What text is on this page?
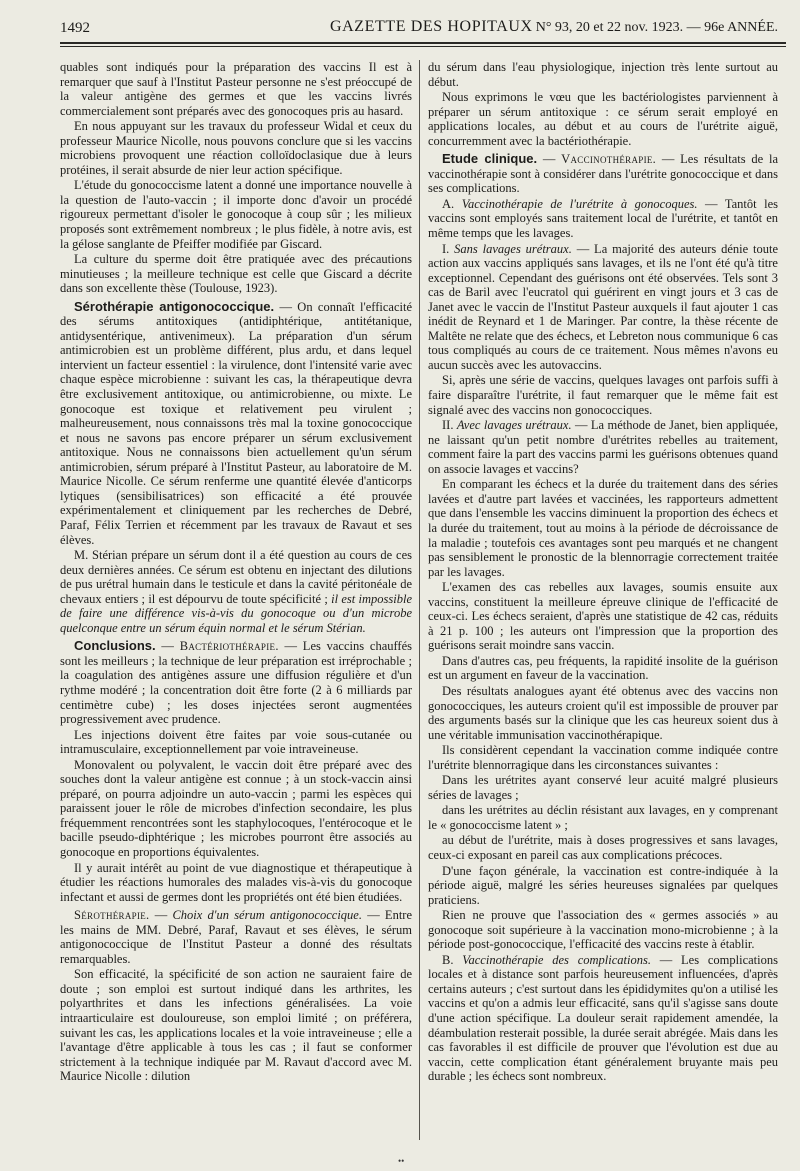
1492	GAZETTE DES HOPITAUX N° 93, 20 et 22 nov. 1923. — 96e ANNÉE.

quables sont indiqués pour la préparation des vaccins Il est à remarquer que sauf à l'Institut Pasteur personne ne s'est préoccupé de la valeur antigène des germes et que les vaccins livrés commercialement sont préparés avec des gonocoques pris au hasard.

En nous appuyant sur les travaux du professeur Widal et ceux du professeur Maurice Nicolle, nous pouvons conclure que si les vaccins microbiens provoquent une réaction colloïdoclasique due à leurs protéines, il serait absurde de nier leur action spécifique.

L'étude du gonococcisme latent a donné une importance nouvelle à la question de l'auto-vaccin ; il importe donc d'avoir un procédé rigoureux permettant d'isoler le gonocoque à coup sûr ; les milieux proposés sont extrêmement nombreux ; le plus fidèle, à notre avis, est la gélose sanglante de Pfeiffer modifiée par Giscard.

La culture du sperme doit être pratiquée avec des précautions minutieuses ; la meilleure technique est celle que Giscard a décrite dans son excellente thèse (Toulouse, 1923).

Sérothérapie antigonococcique. — On connaît l'efficacité des sérums antitoxiques (antidiphtérique, antitétanique, antidysentérique, antivenimeux). La préparation d'un sérum antimicrobien est un problème différent, plus ardu, et dans lequel intervient un facteur essentiel : la virulence, dont l'intensité varie avec chaque espèce microbienne : suivant les cas, la thérapeutique devra être exclusivement antitoxique, ou antimicrobienne, ou mixte. Le gonocoque est toxique et relativement peu virulent ; malheureusement, nous connaissons très mal la toxine gonococcique et nous ne savons pas encore préparer un sérum exclusivement antitoxique. Nous ne connaissons bien actuellement qu'un sérum antimicrobien, sérum préparé à l'Institut Pasteur, au laboratoire de M. Maurice Nicolle. Ce sérum renferme une quantité élevée d'anticorps lytiques (sensibilisatrices) son efficacité a été prouvée expérimentalement et cliniquement par les recherches de Debré, Paraf, Félix Terrien et récemment par les travaux de Ravaut et ses élèves.

M. Stérian prépare un sérum dont il a été question au cours de ces deux dernières années. Ce sérum est obtenu en injectant des dilutions de pus urétral humain dans le testicule et dans la cavité péritonéale de chevaux entiers ; il est dépourvu de toute spécificité ; il est impossible de faire une différence vis-à-vis du gonocoque ou d'un microbe quelconque entre un sérum équin normal et le sérum Stérian.

Conclusions. — Bactériothérapie. — Les vaccins chauffés sont les meilleurs ; la technique de leur préparation est irréprochable ; la coagulation des antigènes assure une diffusion régulière et d'un rythme modéré ; la concentration doit être forte (2 à 6 milliards par centimètre cube) ; les doses injectées seront augmentées progressivement avec prudence.

Les injections doivent être faites par voie sous-cutanée ou intramusculaire, exceptionnellement par voie intraveineuse.

Monovalent ou polyvalent, le vaccin doit être préparé avec des souches dont la valeur antigène est connue ; à un stock-vaccin ainsi préparé, on pourra adjoindre un auto-vaccin ; parmi les espèces qui paraissent jouer le rôle de microbes d'infection secondaire, les plus fréquemment rencontrées sont les staphylocoques, l'entérocoque et le bacille pseudo-diphtérique ; les microbes pourront être associés au gonocoque en proportions équivalentes.

Il y aurait intérêt au point de vue diagnostique et thérapeutique à étudier les réactions humorales des malades vis-à-vis du gonocoque infectant et aussi de germes dont les propriétés ont été bien étudiées.

Sérothérapie. — Choix d'un sérum antigonococcique. — Entre les mains de MM. Debré, Paraf, Ravaut et ses élèves, le sérum antigonococcique de l'Institut Pasteur a donné des résultats remarquables.

Son efficacité, la spécificité de son action ne sauraient faire de doute ; son emploi est surtout indiqué dans les arthrites, les polyarthrites et dans les infections généralisées. La voie intraarticulaire est douloureuse, son emploi limité ; on préférera, suivant les cas, les applications locales et la voie intraveineuse ; elle a l'avantage d'être applicable à tous les cas ; il faut se conformer strictement à la technique indiquée par M. Ravaut d'accord avec M. Maurice Nicolle : dilution

du sérum dans l'eau physiologique, injection très lente surtout au début.

Nous exprimons le vœu que les bactériologistes parviennent à préparer un sérum antitoxique : ce sérum serait employé en applications locales, au début et au cours de l'urétrite aiguë, concurremment avec la bactériothérapie.

Etude clinique. — Vaccinothérapie. — Les résultats de la vaccinothérapie sont à considérer dans l'urétrite gonococcique et dans ses complications.

A. Vaccinothérapie de l'urétrite à gonocoques. — Tantôt les vaccins sont employés sans traitement local de l'urétrite, et tantôt en même temps que les lavages.

I. Sans lavages urétraux. — La majorité des auteurs dénie toute action aux vaccins appliqués sans lavages, et ils ne l'ont été qu'à titre exceptionnel. Cependant des guérisons ont été observées. Tels sont 3 cas de Baril avec l'eucratol qui guérirent en vingt jours et 3 cas de Janet avec le vaccin de l'Institut Pasteur auxquels il faut ajouter 1 cas inédit de Reynard et 1 de Maringer. Par contre, la thèse récente de Maltête ne relate que des échecs, et Lebreton nous communique 6 cas tous compliqués au cours de ce traitement. Nous mêmes n'avons eu aucun succès avec les autovaccins.

Si, après une série de vaccins, quelques lavages ont parfois suffi à faire disparaître l'urétrite, il faut remarquer que le même fait est signalé avec des vaccins non gonococciques.

II. Avec lavages urétraux. — La méthode de Janet, bien appliquée, ne laissant qu'un petit nombre d'urétrites rebelles au traitement, comment faire la part des vaccins parmi les guérisons obtenues quand on associe lavages et vaccins?

En comparant les échecs et la durée du traitement dans des séries lavées et d'autre part lavées et vaccinées, les rapporteurs admettent que dans l'ensemble les vaccins diminuent la proportion des échecs et la durée du traitement, tout au moins à la période de décroissance de la maladie ; toutefois ces avantages sont peu marqués et ne changent pas sensiblement le pronostic de la blennorragie correctement traitée par les lavages.

L'examen des cas rebelles aux lavages, soumis ensuite aux vaccins, constituent la meilleure épreuve clinique de l'efficacité de ceux-ci. Les échecs seraient, d'après une statistique de 42 cas, réduits à 21 p. 100 ; les auteurs ont l'impression que la proportion des guérisons serait moindre sans vaccin.

Dans d'autres cas, peu fréquents, la rapidité insolite de la guérison est un argument en faveur de la vaccination.

Des résultats analogues ayant été obtenus avec des vaccins non gonococciques, les auteurs croient qu'il est impossible de prouver par des arguments basés sur la clinique que les cas heureux soient dus à une véritable immunisation vaccinothérapique.

Ils considèrent cependant la vaccination comme indiquée contre l'urétrite blennorragique dans les circonstances suivantes :

Dans les urétrites ayant conservé leur acuité malgré plusieurs séries de lavages ;

dans les urétrites au déclin résistant aux lavages, en y comprenant le « gonococcisme latent » ;

au début de l'urétrite, mais à doses progressives et sans lavages, ceux-ci exposant en pareil cas aux complications précoces.

D'une façon générale, la vaccination est contre-indiquée à la période aiguë, malgré les séries heureuses signalées par quelques praticiens.

Rien ne prouve que l'association des « germes associés » au gonocoque soit supérieure à la vaccination mono-microbienne ; à la période post-gonococcique, l'efficacité des vaccins reste à établir.

B. Vaccinothérapie des complications. — Les complications locales et à distance sont parfois heureusement influencées, d'après certains auteurs ; c'est surtout dans les épididymites qu'on a utilisé les vaccins et qu'on a admis leur efficacité, sans qu'il s'agisse sans doute d'une action spécifique. La douleur serait rapidement amendée, la déambulation resterait possible, la durée serait abrégée. Mais dans les cas favorables il est difficile de prouver que l'évolution est due au vaccin, cette complication étant généralement bruyante mais peu durable ; les échecs sont nombreux.

••
